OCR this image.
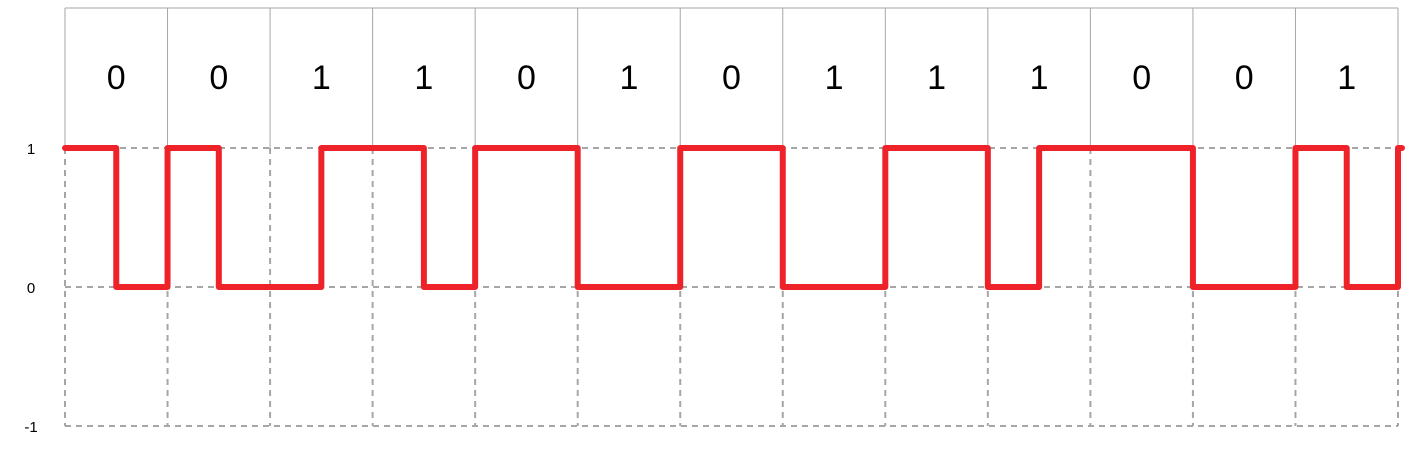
0 0 1 1 0 1 0 1 1 1 0 0 1
1
0
-1
